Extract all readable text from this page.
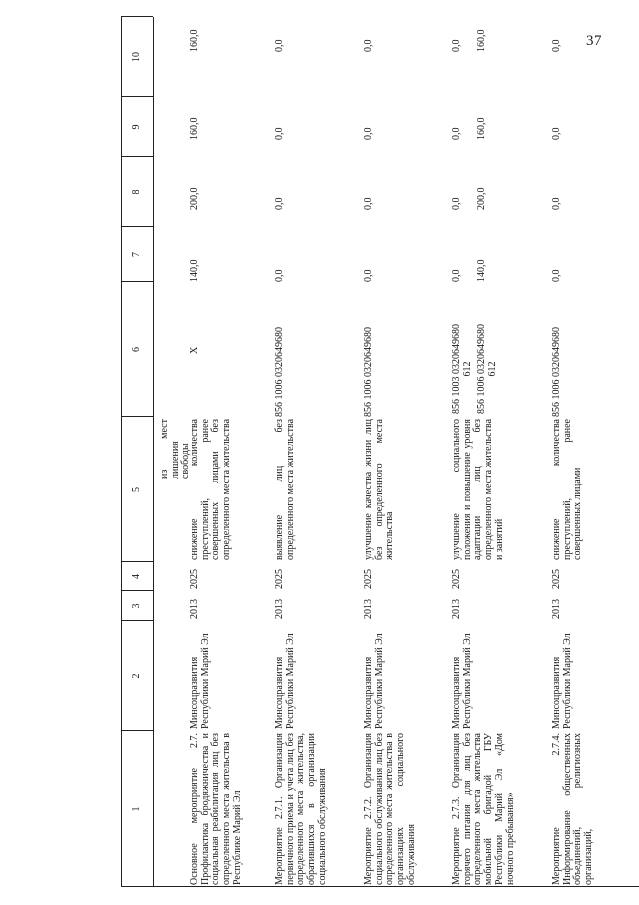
37
1
2
3
4
5
6
7
8
9
10
из мест лишения свободы
Основное мероприятие 2.7. Профилактика бродяжничества и социальная реабилитация лиц без определенного места жительства в Республике Марий Эл
Минсоцразвития Республики Марий Эл
2013
2025
снижение количества преступлений, ранее совершенных лицами без определенного места жительства
Х
140,0
200,0
160,0
160,0
Мероприятие 2.7.1. Организация первичного приема и учета лиц без определенного места жительства, обратившихся в организации социального обслуживания
Минсоцразвития Республики Марий Эл
2013
2025
выявление лиц без определенного места жительства
856 1006 0320649680
0,0
0,0
0,0
0,0
Мероприятие 2.7.2. Организация социального обслуживания лиц без определенного места жительства в организациях социального обслуживания
Минсоцразвития Республики Марий Эл
2013
2025
улучшение качества жизни лиц без определенного места жительства
856 1006 0320649680
0,0
0,0
0,0
0,0
Мероприятие 2.7.3. Организация горячего питания для лиц без определенного места жительства мобильной бригадой ГБУ Республики Марий Эл «Дом ночного пребывания»
Минсоцразвития Республики Марий Эл
2013
2025
улучшение социального положения и повышение уровня адаптации лиц без определенного места жительства и занятий
856 1003 0320649680 612 856 1006 0320649680 612
0,0 140,0
0,0 200,0
0,0 160,0
0,0 160,0
Мероприятие 2.7.4. Информирование общественных объединений, религиозных организаций,
Минсоцразвития Республики Марий Эл
2013
2025
снижение количества преступлений, ранее совершенных лицами
856 1006 0320649680
0,0
0,0
0,0
0,0
